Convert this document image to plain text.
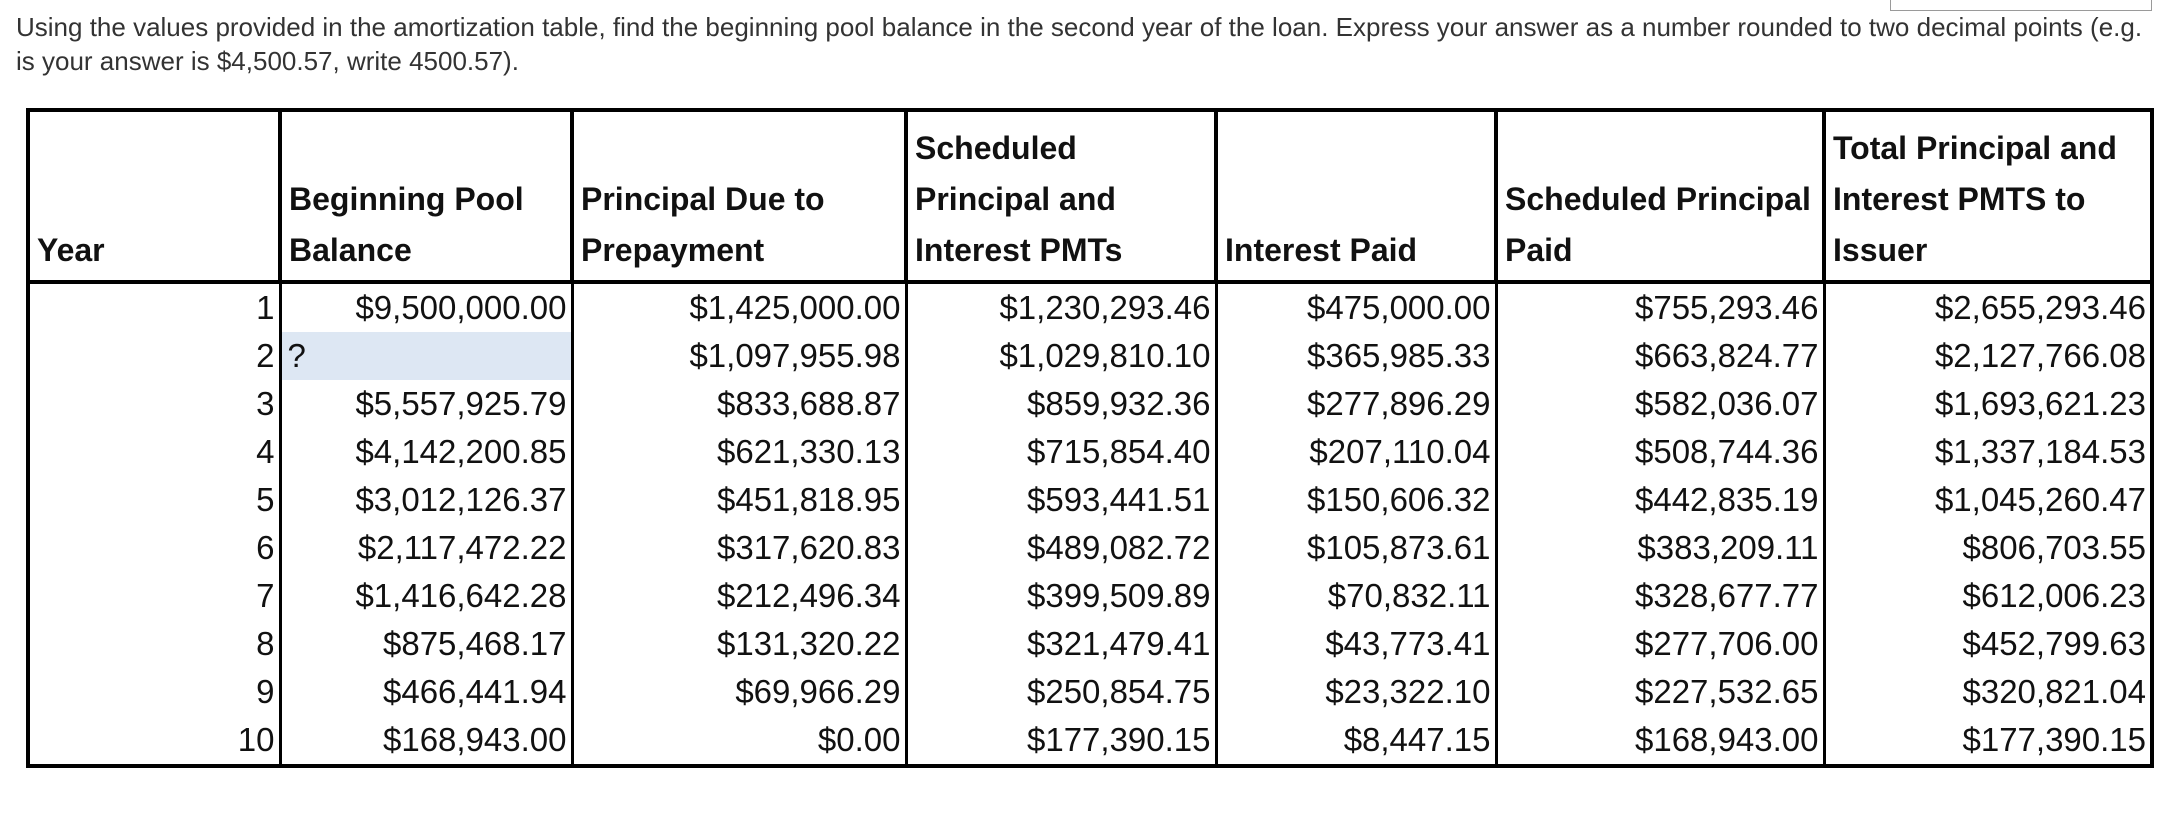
Using the values provided in the amortization table, find the beginning pool balance in the second year of the loan. Express your answer as a number rounded to two decimal points (e.g. is your answer is $4,500.57, write 4500.57).

Year	Beginning Pool Balance	Principal Due to Prepayment	Scheduled Principal and Interest PMTs	Interest Paid	Scheduled Principal Paid	Total Principal and Interest PMTS to Issuer
1	$9,500,000.00	$1,425,000.00	$1,230,293.46	$475,000.00	$755,293.46	$2,655,293.46
2	?	$1,097,955.98	$1,029,810.10	$365,985.33	$663,824.77	$2,127,766.08
3	$5,557,925.79	$833,688.87	$859,932.36	$277,896.29	$582,036.07	$1,693,621.23
4	$4,142,200.85	$621,330.13	$715,854.40	$207,110.04	$508,744.36	$1,337,184.53
5	$3,012,126.37	$451,818.95	$593,441.51	$150,606.32	$442,835.19	$1,045,260.47
6	$2,117,472.22	$317,620.83	$489,082.72	$105,873.61	$383,209.11	$806,703.55
7	$1,416,642.28	$212,496.34	$399,509.89	$70,832.11	$328,677.77	$612,006.23
8	$875,468.17	$131,320.22	$321,479.41	$43,773.41	$277,706.00	$452,799.63
9	$466,441.94	$69,966.29	$250,854.75	$23,322.10	$227,532.65	$320,821.04
10	$168,943.00	$0.00	$177,390.15	$8,447.15	$168,943.00	$177,390.15
